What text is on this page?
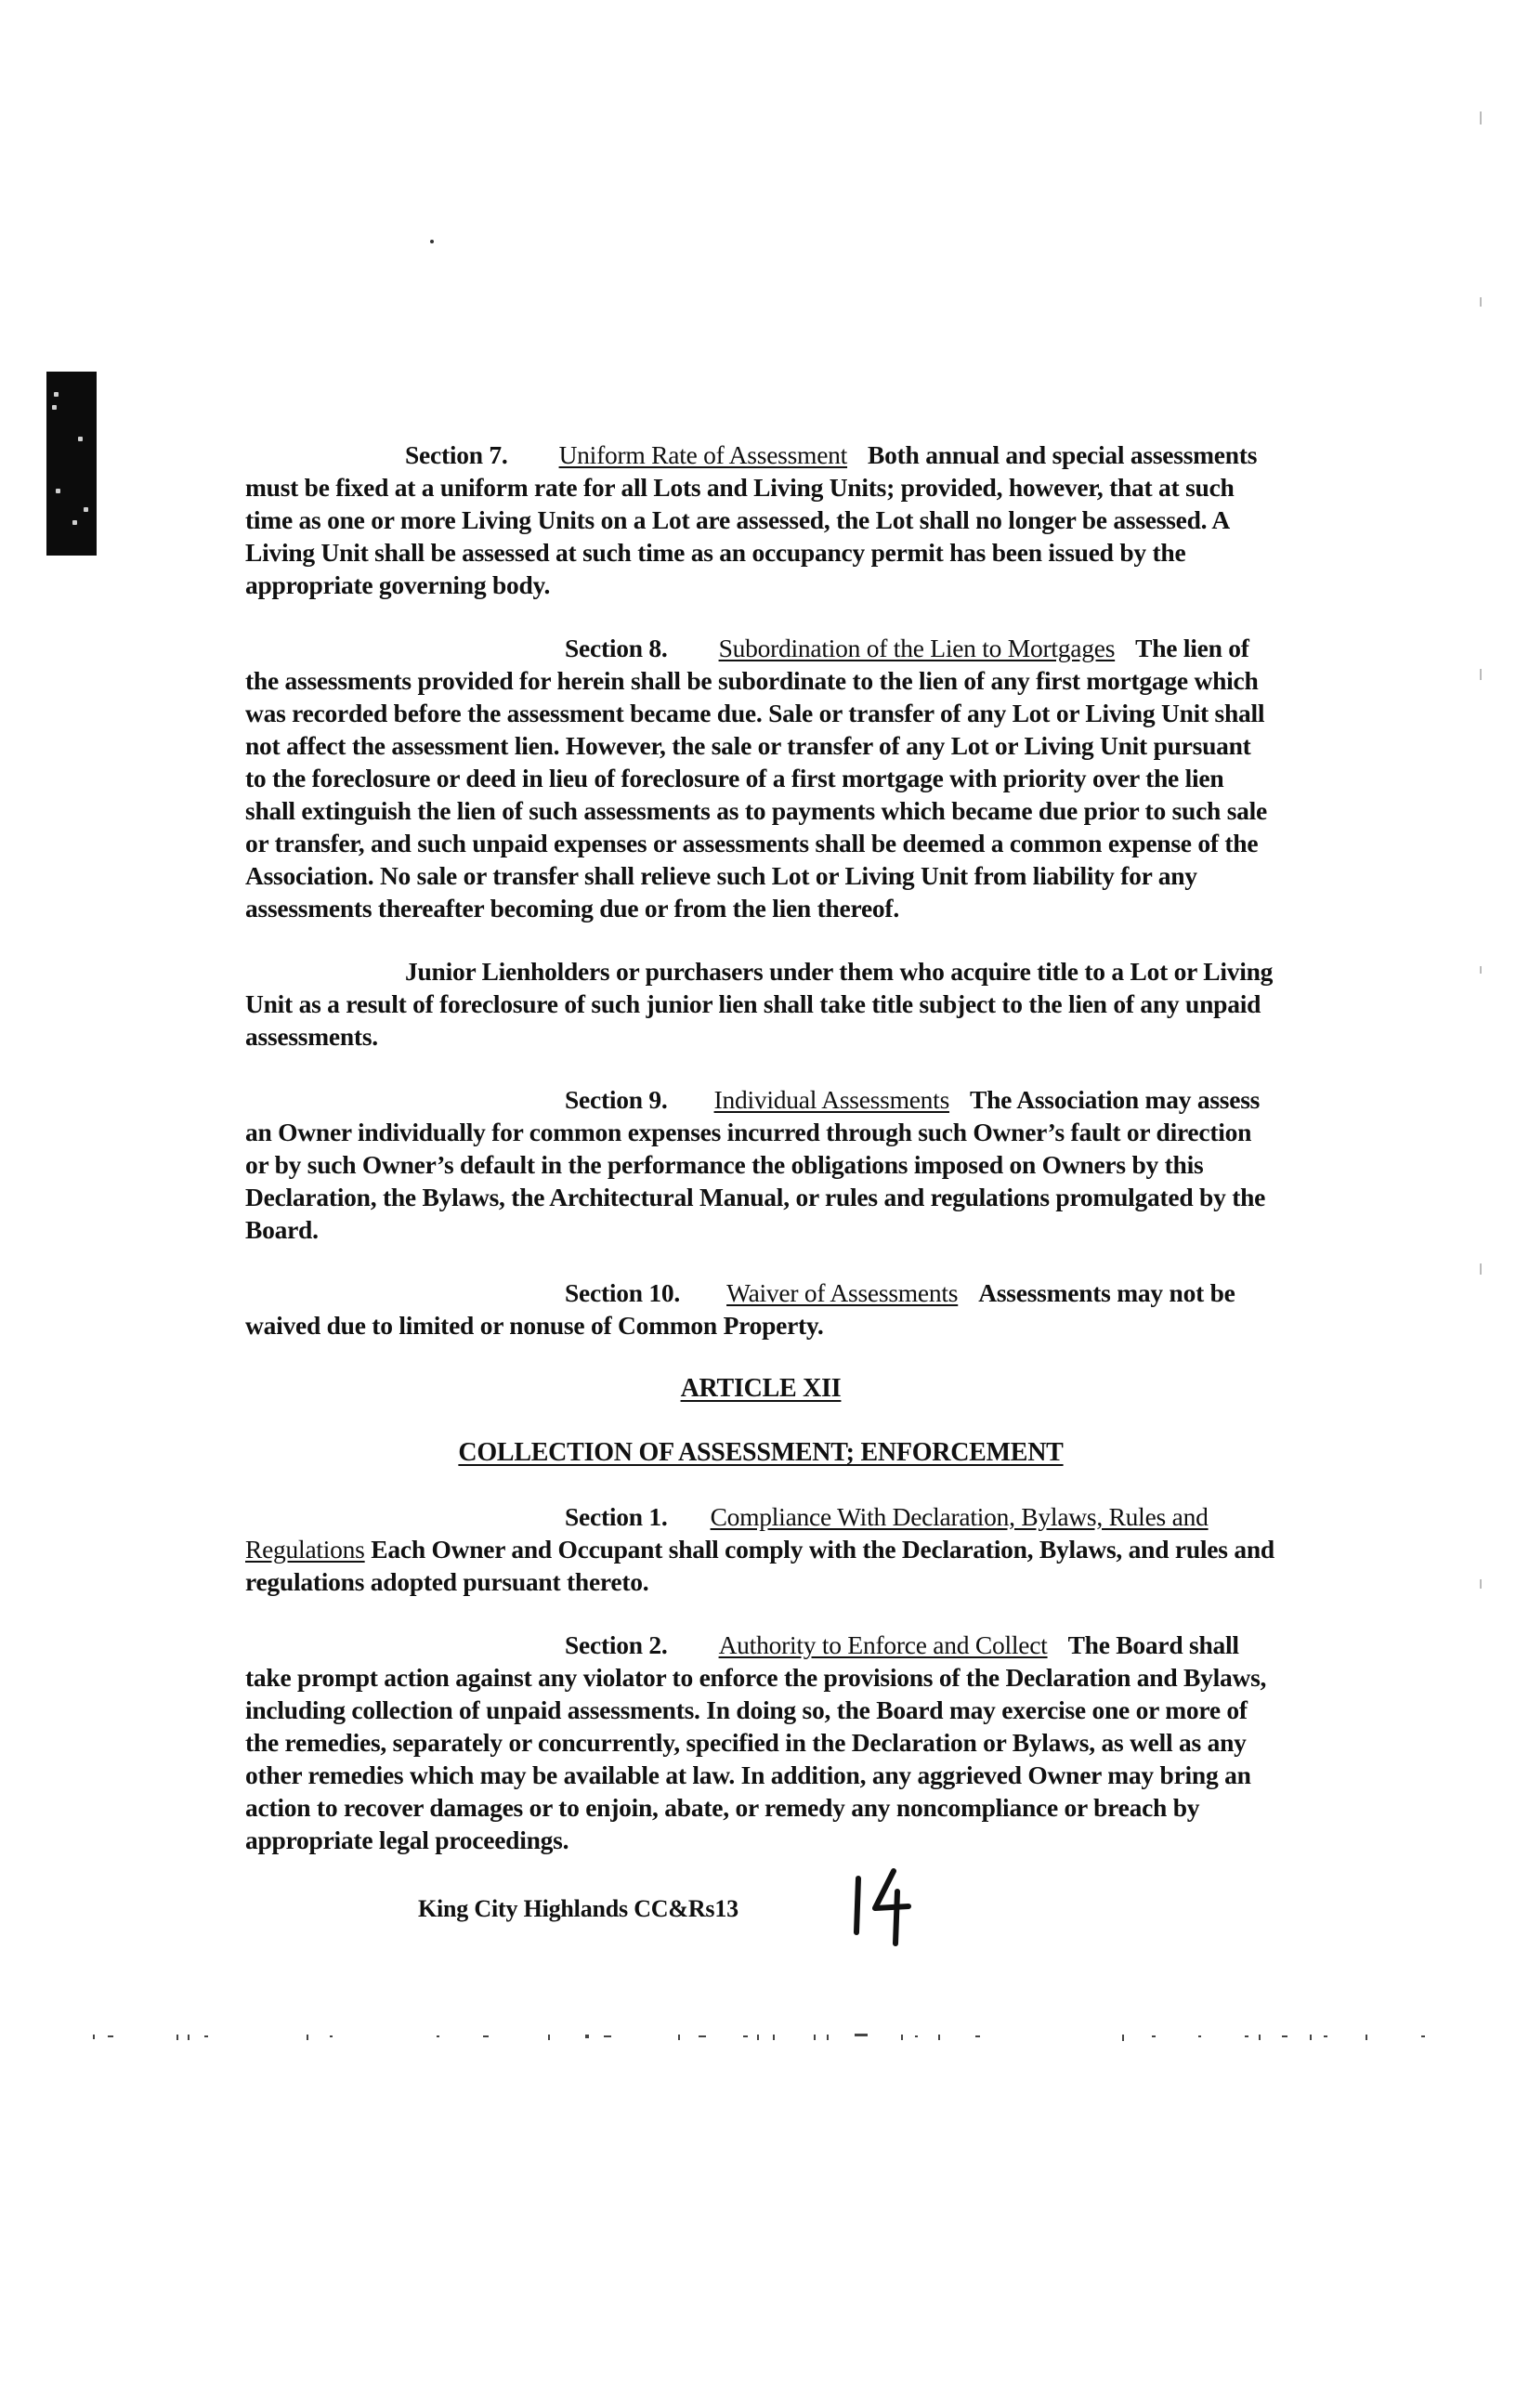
Section 7. Uniform Rate of Assessment Both annual and special assessments must be fixed at a uniform rate for all Lots and Living Units; provided, however, that at such time as one or more Living Units on a Lot are assessed, the Lot shall no longer be assessed. A Living Unit shall be assessed at such time as an occupancy permit has been issued by the appropriate governing body.

Section 8. Subordination of the Lien to Mortgages The lien of the assessments provided for herein shall be subordinate to the lien of any first mortgage which was recorded before the assessment became due. Sale or transfer of any Lot or Living Unit shall not affect the assessment lien. However, the sale or transfer of any Lot or Living Unit pursuant to the foreclosure or deed in lieu of foreclosure of a first mortgage with priority over the lien shall extinguish the lien of such assessments as to payments which became due prior to such sale or transfer, and such unpaid expenses or assessments shall be deemed a common expense of the Association. No sale or transfer shall relieve such Lot or Living Unit from liability for any assessments thereafter becoming due or from the lien thereof.

Junior Lienholders or purchasers under them who acquire title to a Lot or Living Unit as a result of foreclosure of such junior lien shall take title subject to the lien of any unpaid assessments.

Section 9. Individual Assessments The Association may assess an Owner individually for common expenses incurred through such Owner’s fault or direction or by such Owner’s default in the performance the obligations imposed on Owners by this Declaration, the Bylaws, the Architectural Manual, or rules and regulations promulgated by the Board.

Section 10. Waiver of Assessments Assessments may not be waived due to limited or nonuse of Common Property.

ARTICLE XII
COLLECTION OF ASSESSMENT; ENFORCEMENT

Section 1. Compliance With Declaration, Bylaws, Rules and Regulations Each Owner and Occupant shall comply with the Declaration, Bylaws, and rules and regulations adopted pursuant thereto.

Section 2. Authority to Enforce and Collect The Board shall take prompt action against any violator to enforce the provisions of the Declaration and Bylaws, including collection of unpaid assessments. In doing so, the Board may exercise one or more of the remedies, separately or concurrently, specified in the Declaration or Bylaws, as well as any other remedies which may be available at law. In addition, any aggrieved Owner may bring an action to recover damages or to enjoin, abate, or remedy any noncompliance or breach by appropriate legal proceedings.

King City Highlands CC&Rs13
